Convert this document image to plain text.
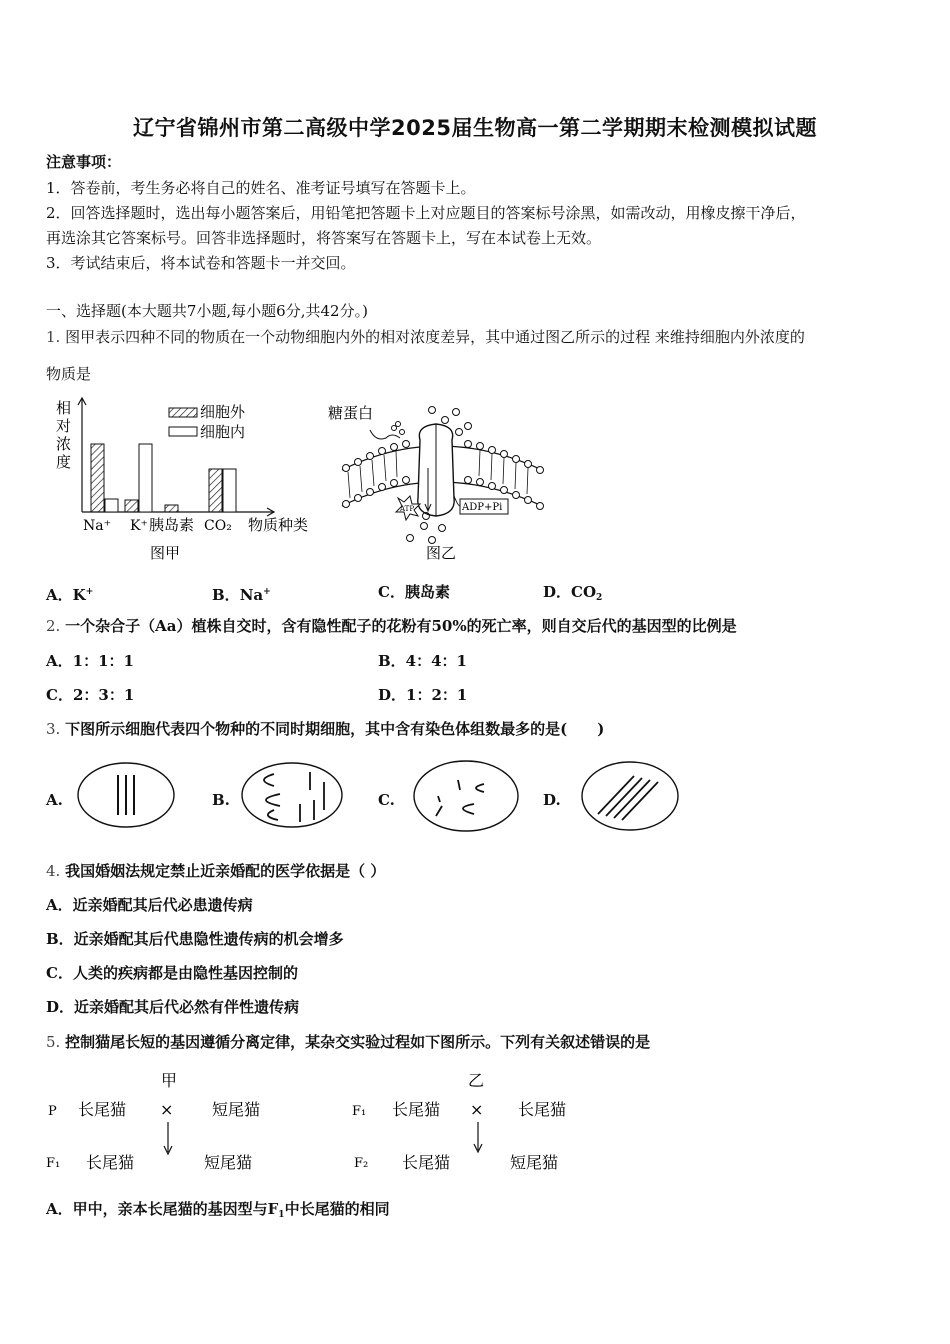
辽宁省锦州市第二高级中学2025届生物高一第二学期期末检测模拟试题
注意事项：
1．答卷前，考生务必将自己的姓名、准考证号填写在答题卡上。
2．回答选择题时，选出每小题答案后，用铅笔把答题卡上对应题目的答案标号涂黑，如需改动，用橡皮擦干净后，
再选涂其它答案标号。回答非选择题时，将答案写在答题卡上，写在本试卷上无效。
3．考试结束后，将本试卷和答题卡一并交回。
一、选择题(本大题共7小题,每小题6分,共42分。)
1. 图甲表示四种不同的物质在一个动物细胞内外的相对浓度差异，其中通过图乙所示的过程 来维持细胞内外浓度的
物质是
相
对
浓
度
细胞外
细胞内
Na⁺ K⁺ 胰岛素 CO₂ 物质种类
图甲
糖蛋白
ATP	ADP+Pi
图乙
A．K+	B．Na+	C．胰岛素	D．$CO_2$
2. 一个杂合子（Aa）植株自交时，含有隐性配子的花粉有50%的死亡率，则自交后代的基因型的比例是
A．1：1：1	B．4：4：1
C．2：3：1	D．1：2：1
3. 下图所示细胞代表四个物种的不同时期细胞，其中含有染色体组数最多的是(　　)
A.	B.	C.	D.
4. 我国婚姻法规定禁止近亲婚配的医学依据是（ ）
A．近亲婚配其后代必患遗传病
B．近亲婚配其后代患隐性遗传病的机会增多
C．人类的疾病都是由隐性基因控制的
D．近亲婚配其后代必然有伴性遗传病
5. 控制猫尾长短的基因遵循分离定律，某杂交实验过程如下图所示。下列有关叙述错误的是
甲
P 长尾猫 × 短尾猫
F₁ 长尾猫	短尾猫
乙
F₁ 长尾猫 × 长尾猫
F₂ 长尾猫	短尾猫
A．甲中，亲本长尾猫的基因型与$F_1$中长尾猫的相同
